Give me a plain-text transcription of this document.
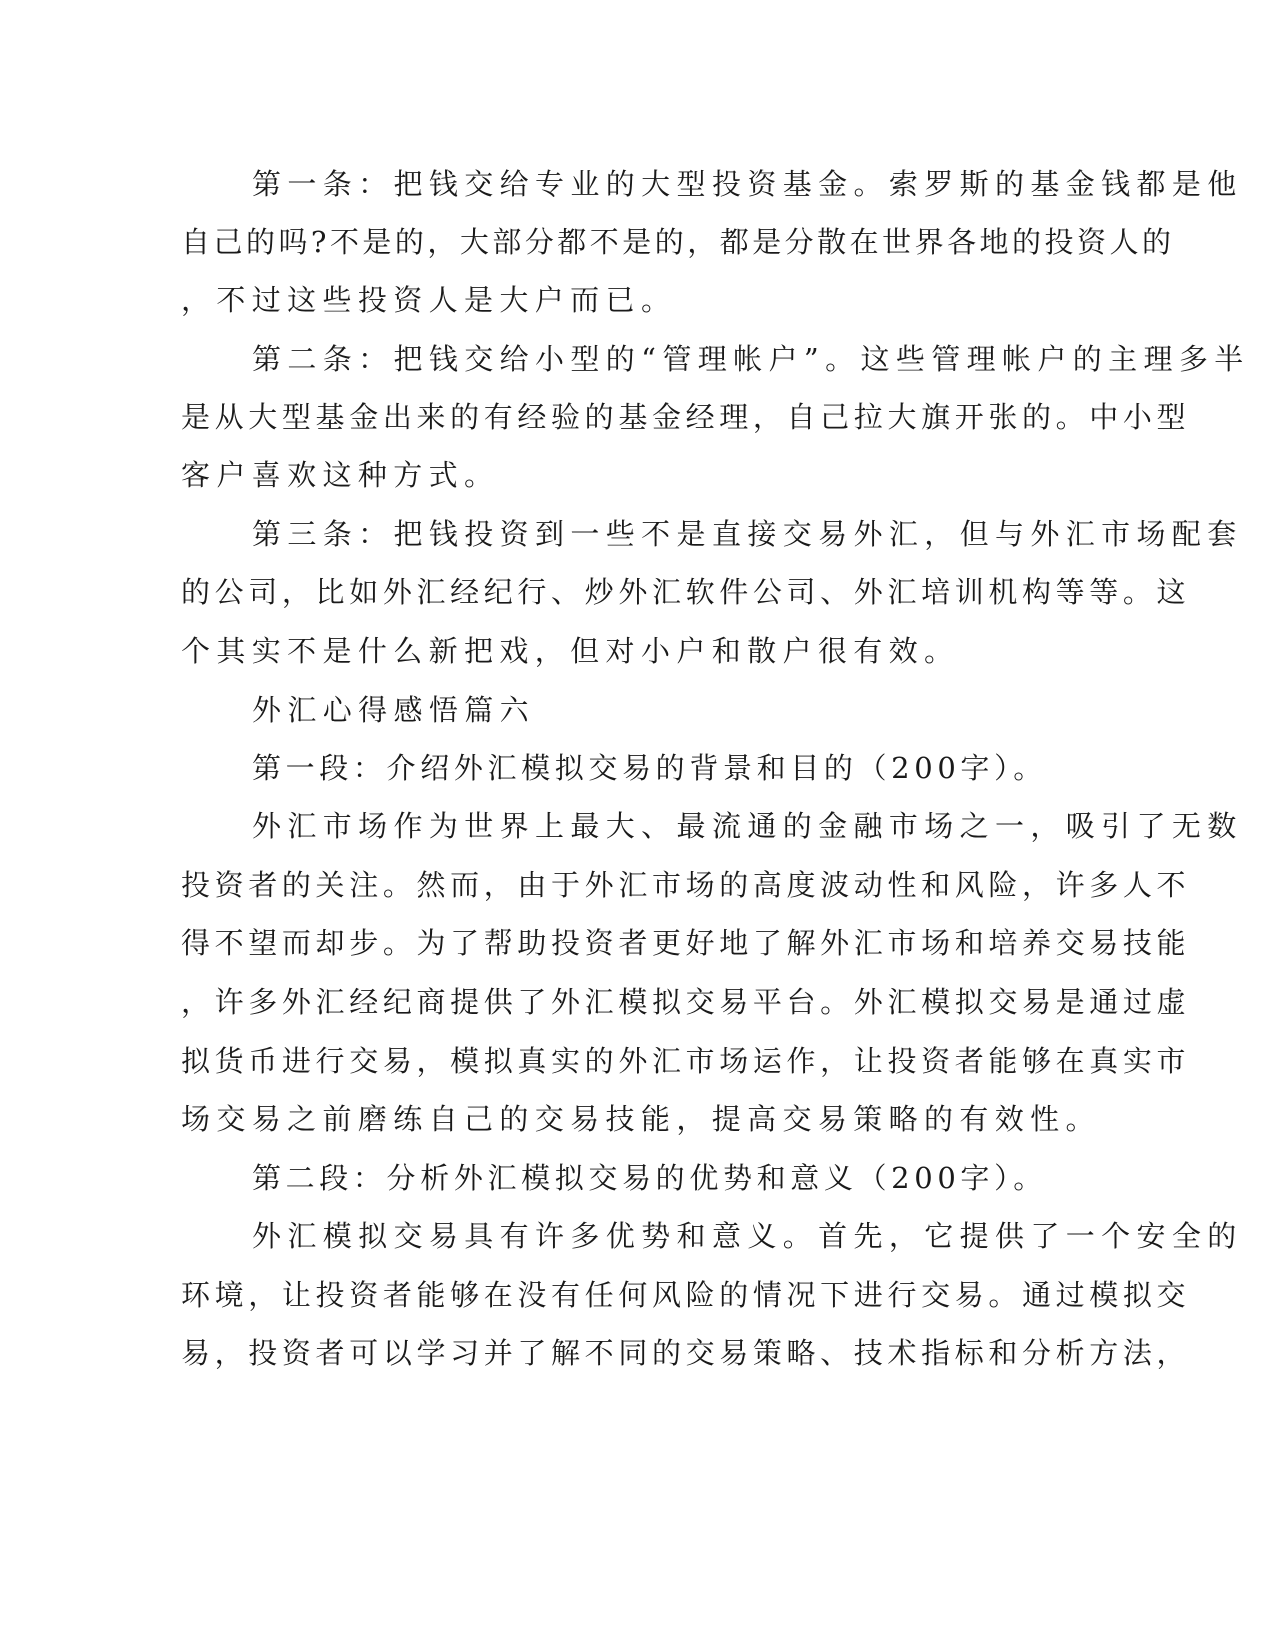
第一条：把钱交给专业的大型投资基金。索罗斯的基金钱都是他

自己的吗?不是的，大部分都不是的，都是分散在世界各地的投资人的

，不过这些投资人是大户而已。

第二条：把钱交给小型的“管理帐户”。这些管理帐户的主理多半

是从大型基金出来的有经验的基金经理，自己拉大旗开张的。中小型

客户喜欢这种方式。

第三条：把钱投资到一些不是直接交易外汇，但与外汇市场配套

的公司，比如外汇经纪行、炒外汇软件公司、外汇培训机构等等。这

个其实不是什么新把戏，但对小户和散户很有效。

外汇心得感悟篇六

第一段：介绍外汇模拟交易的背景和目的（200字）。

外汇市场作为世界上最大、最流通的金融市场之一，吸引了无数

投资者的关注。然而，由于外汇市场的高度波动性和风险，许多人不

得不望而却步。为了帮助投资者更好地了解外汇市场和培养交易技能

，许多外汇经纪商提供了外汇模拟交易平台。外汇模拟交易是通过虚

拟货币进行交易，模拟真实的外汇市场运作，让投资者能够在真实市

场交易之前磨练自己的交易技能，提高交易策略的有效性。

第二段：分析外汇模拟交易的优势和意义（200字）。

外汇模拟交易具有许多优势和意义。首先，它提供了一个安全的

环境，让投资者能够在没有任何风险的情况下进行交易。通过模拟交

易，投资者可以学习并了解不同的交易策略、技术指标和分析方法，
